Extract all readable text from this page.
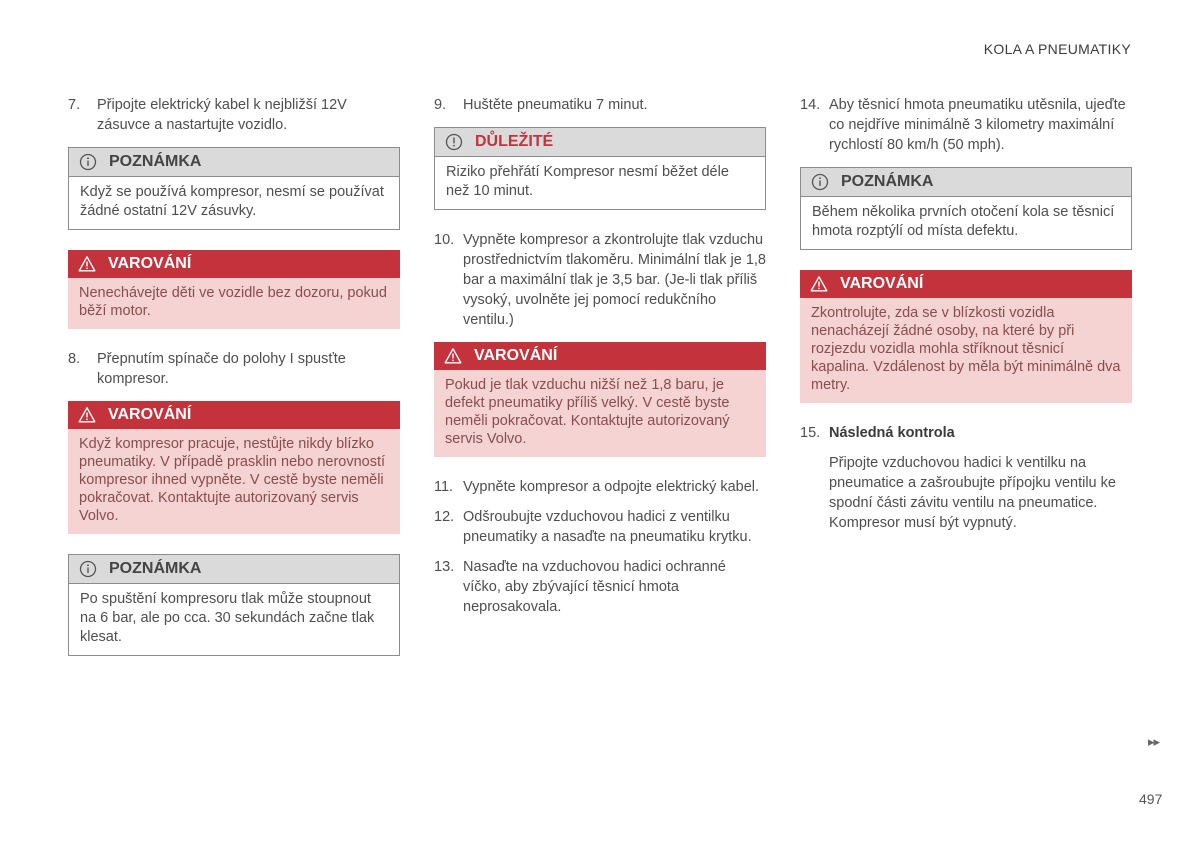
KOLA A PNEUMATIKY
7.	Připojte elektrický kabel k nejbližší 12V zásuvce a nastartujte vozidlo.
POZNÁMKA
Když se používá kompresor, nesmí se používat žádné ostatní 12V zásuvky.
VAROVÁNÍ
Nenechávejte děti ve vozidle bez dozoru, pokud běží motor.
8.	Přepnutím spínače do polohy I spusťte kompresor.
VAROVÁNÍ
Když kompresor pracuje, nestůjte nikdy blízko pneumatiky. V případě prasklin nebo nerovností kompresor ihned vypněte. V cestě byste neměli pokračovat. Kontaktujte autorizovaný servis Volvo.
POZNÁMKA
Po spuštění kompresoru tlak může stoupnout na 6 bar, ale po cca. 30 sekundách začne tlak klesat.
9.	Huštěte pneumatiku 7 minut.
DŮLEŽITÉ
Riziko přehřátí Kompresor nesmí běžet déle než 10 minut.
10. Vypněte kompresor a zkontrolujte tlak vzduchu prostřednictvím tlakoměru. Minimální tlak je 1,8 bar a maximální tlak je 3,5 bar. (Je-li tlak příliš vysoký, uvolněte jej pomocí redukčního ventilu.)
VAROVÁNÍ
Pokud je tlak vzduchu nižší než 1,8 baru, je defekt pneumatiky příliš velký. V cestě byste neměli pokračovat. Kontaktujte autorizovaný servis Volvo.
11. Vypněte kompresor a odpojte elektrický kabel.
12. Odšroubujte vzduchovou hadici z ventilku pneumatiky a nasaďte na pneumatiku krytku.
13. Nasaďte na vzduchovou hadici ochranné víčko, aby zbývající těsnicí hmota neprosakovala.
14. Aby těsnicí hmota pneumatiku utěsnila, ujeďte co nejdříve minimálně 3 kilometry maximální rychlostí 80 km/h (50 mph).
POZNÁMKA
Během několika prvních otočení kola se těsnicí hmota rozptýlí od místa defektu.
VAROVÁNÍ
Zkontrolujte, zda se v blízkosti vozidla nenacházejí žádné osoby, na které by při rozjezdu vozidla mohla stříknout těsnicí kapalina. Vzdálenost by měla být minimálně dva metry.
15. Následná kontrola
Připojte vzduchovou hadici k ventilku na pneumatice a zašroubujte přípojku ventilu ke spodní části závitu ventilu na pneumatice. Kompresor musí být vypnutý.
▸▸
497
